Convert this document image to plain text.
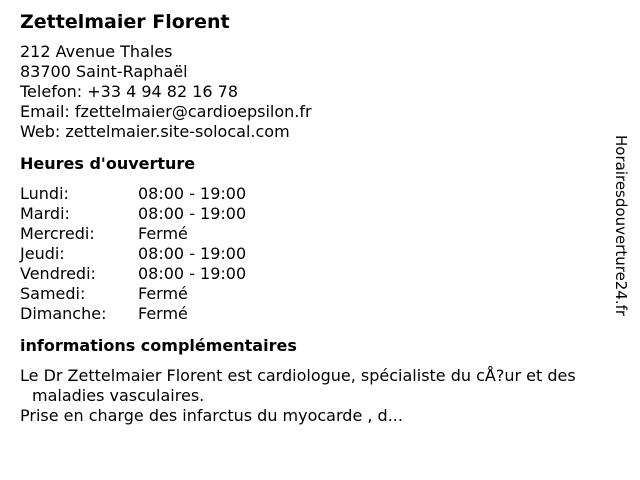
Zettelmaier Florent
212 Avenue Thales
83700 Saint-Raphaël
Telefon: +33 4 94 82 16 78
Email: fzettelmaier@cardioepsilon.fr
Web: zettelmaier.site-solocal.com
Heures d'ouverture
Lundi:	08:00 - 19:00
Mardi:	08:00 - 19:00
Mercredi:	Fermé
Jeudi:	08:00 - 19:00
Vendredi:	08:00 - 19:00
Samedi:	Fermé
Dimanche:	Fermé
informations complémentaires

Le Dr Zettelmaier Florent est cardiologue, spécialiste du cÅ?ur et des maladies vasculaires.

Prise en charge des infarctus du myocarde , d...

Horairesdouverture24.fr
